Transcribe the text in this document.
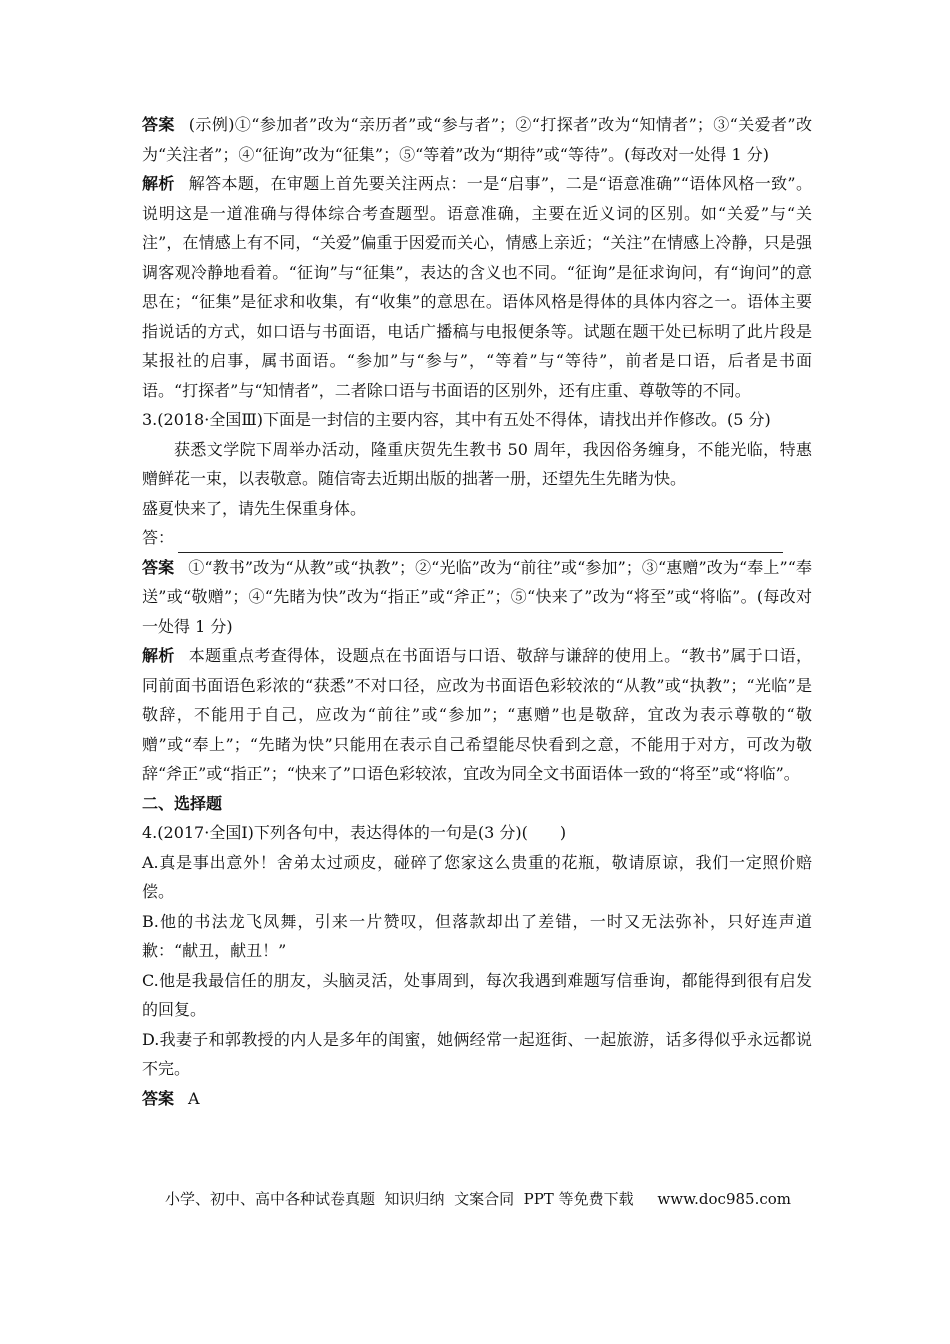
答案 (示例)①“参加者”改为“亲历者”或“参与者”；②“打探者”改为“知情者”；③“关爱者”改为“关注者”；④“征询”改为“征集”；⑤“等着”改为“期待”或“等待”。(每改对一处得 1 分)

解析 解答本题，在审题上首先要关注两点：一是“启事”，二是“语意准确”“语体风格一致”。说明这是一道准确与得体综合考查题型。语意准确，主要在近义词的区别。如“关爱”与“关注”，在情感上有不同，“关爱”偏重于因爱而关心，情感上亲近；“关注”在情感上冷静，只是强调客观冷静地看着。“征询”与“征集”，表达的含义也不同。“征询”是征求询问，有“询问”的意思在；“征集”是征求和收集，有“收集”的意思在。语体风格是得体的具体内容之一。语体主要指说话的方式，如口语与书面语，电话广播稿与电报便条等。试题在题干处已标明了此片段是某报社的启事，属书面语。“参加”与“参与”，“等着”与“等待”，前者是口语，后者是书面语。“打探者”与“知情者”，二者除口语与书面语的区别外，还有庄重、尊敬等的不同。

3.(2018·全国Ⅲ)下面是一封信的主要内容，其中有五处不得体，请找出并作修改。(5 分)

获悉文学院下周举办活动，隆重庆贺先生教书 50 周年，我因俗务缠身，不能光临，特惠赠鲜花一束，以表敬意。随信寄去近期出版的拙著一册，还望先生先睹为快。

盛夏快来了，请先生保重身体。

答：

答案 ①“教书”改为“从教”或“执教”；②“光临”改为“前往”或“参加”；③“惠赠”改为“奉上”“奉送”或“敬赠”；④“先睹为快”改为“指正”或“斧正”；⑤“快来了”改为“将至”或“将临”。(每改对一处得 1 分)

解析 本题重点考查得体，设题点在书面语与口语、敬辞与谦辞的使用上。“教书”属于口语，同前面书面语色彩浓的“获悉”不对口径，应改为书面语色彩较浓的“从教”或“执教”；“光临”是敬辞，不能用于自己，应改为“前往”或“参加”；“惠赠”也是敬辞，宜改为表示尊敬的“敬赠”或“奉上”；“先睹为快”只能用在表示自己希望能尽快看到之意，不能用于对方，可改为敬辞“斧正”或“指正”；“快来了”口语色彩较浓，宜改为同全文书面语体一致的“将至”或“将临”。

二、选择题

4.(2017·全国Ⅰ)下列各句中，表达得体的一句是(3 分)(　　)

A.真是事出意外！舍弟太过顽皮，碰碎了您家这么贵重的花瓶，敬请原谅，我们一定照价赔偿。

B.他的书法龙飞凤舞，引来一片赞叹，但落款却出了差错，一时又无法弥补，只好连声道歉：“献丑，献丑！”

C.他是我最信任的朋友，头脑灵活，处事周到，每次我遇到难题写信垂询，都能得到很有启发的回复。

D.我妻子和郭教授的内人是多年的闺蜜，她俩经常一起逛街、一起旅游，话多得似乎永远都说不完。

答案 A

小学、初中、高中各种试卷真题  知识归纳  文案合同  PPT 等免费下载     www.doc985.com
